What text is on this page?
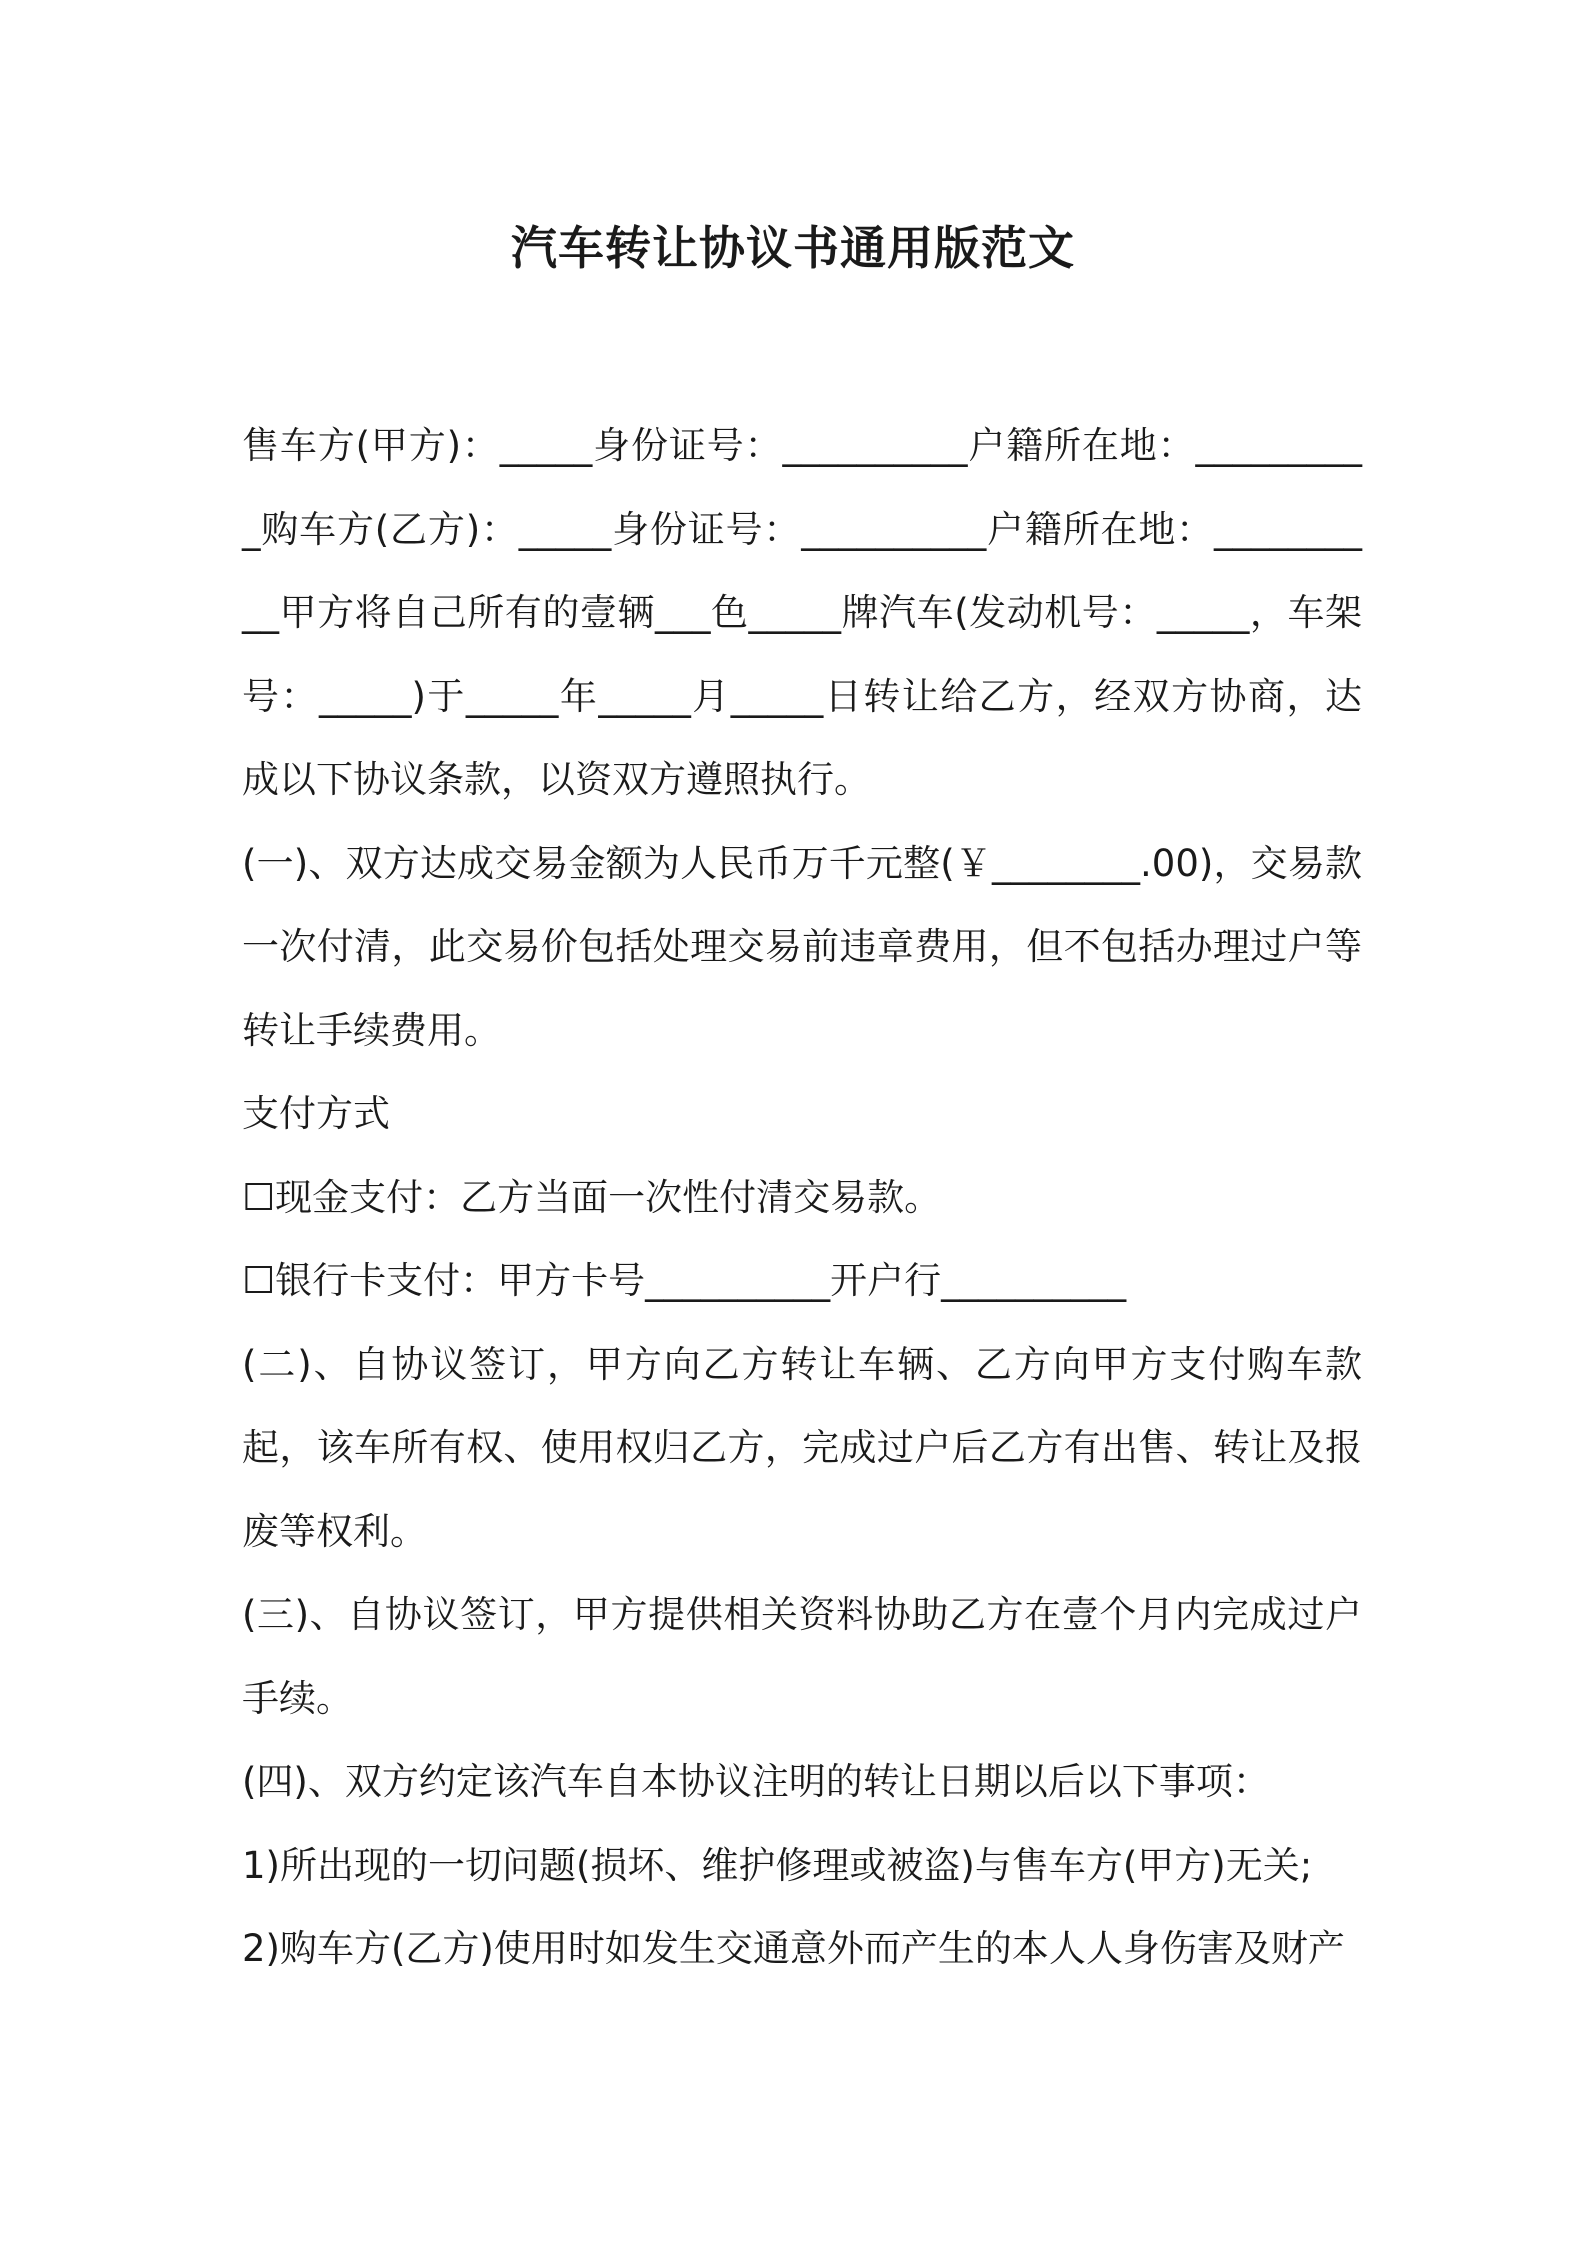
汽车转让协议书通用版范文

售车方(甲方)：_____身份证号：__________户籍所在地：__________购车方(乙方)：_____身份证号：__________户籍所在地：__________甲方将自己所有的壹辆___色_____牌汽车(发动机号：_____，车架号：_____)于_____年_____月_____日转让给乙方，经双方协商，达成以下协议条款，以资双方遵照执行。

(一)、双方达成交易金额为人民币万千元整(￥________.00)，交易款一次付清，此交易价包括处理交易前违章费用，但不包括办理过户等转让手续费用。

支付方式

☐现金支付：乙方当面一次性付清交易款。

☐银行卡支付：甲方卡号__________开户行__________

(二)、自协议签订，甲方向乙方转让车辆、乙方向甲方支付购车款起，该车所有权、使用权归乙方，完成过户后乙方有出售、转让及报废等权利。

(三)、自协议签订，甲方提供相关资料协助乙方在壹个月内完成过户手续。

(四)、双方约定该汽车自本协议注明的转让日期以后以下事项：

1)所出现的一切问题(损坏、维护修理或被盗)与售车方(甲方)无关;

2)购车方(乙方)使用时如发生交通意外而产生的本人人身伤害及财产
